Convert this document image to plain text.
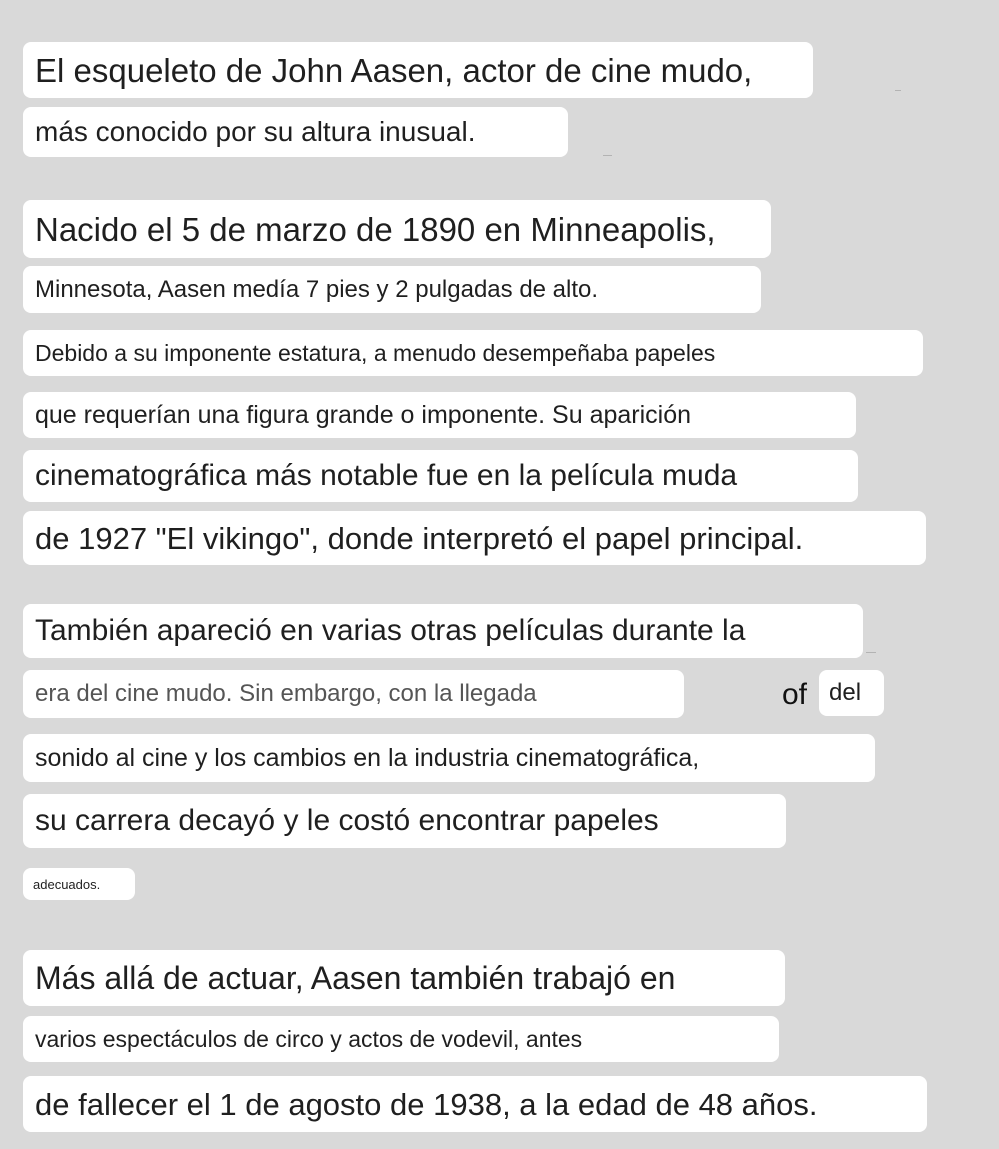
El esqueleto de John Aasen, actor de cine mudo,
más conocido por su altura inusual.
Nacido el 5 de marzo de 1890 en Minneapolis,
Minnesota, Aasen medía 7 pies y 2 pulgadas de alto.
Debido a su imponente estatura, a menudo desempeñaba papeles
que requerían una figura grande o imponente. Su aparición
cinematográfica más notable fue en la película muda
de 1927 "El vikingo", donde interpretó el papel principal.
También apareció en varias otras películas durante la
era del cine mudo. Sin embargo, con la llegada	of del
sonido al cine y los cambios en la industria cinematográfica,
su carrera decayó y le costó encontrar papeles
adecuados.
Más allá de actuar, Aasen también trabajó en
varios espectáculos de circo y actos de vodevil, antes
de fallecer el 1 de agosto de 1938, a la edad de 48 años.
